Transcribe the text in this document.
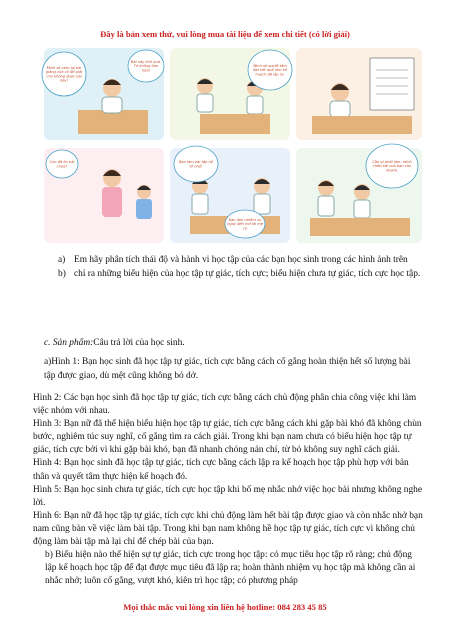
Đây là bản xem thử, vui lòng mua tài liệu để xem chi tiết (có lời giải)
Mình sẽ xem lại bài giảng của cô để giải cho không được bài này!
Bài này khó quá. Tớ không làm nữa!
Mình sẽ quyết tâm đạt kết quả như kế hoạch đã lập ra.
Con đã ôn bài chưa?
Bạn làm bài tập hộ tớ nhé!
Bạn làm nhiệm vụ ngay đến mở lời mẹ ra
Cần gì phải làm, mình chép bài của bạn cho nhanh.
a) Em hãy phân tích thái độ và hành vi học tập của các bạn học sinh trong các hình ảnh trên
b) chỉ ra những biểu hiện của học tập tự giác, tích cực; biểu hiện chưa tự giác, tích cực học tập.
c. Sản phẩm:Câu trả lời của học sinh.
a)Hình 1: Bạn học sinh đã học tập tự giác, tích cực bằng cách cố gắng hoàn thiện hết số lượng bài tập được giao, dù mệt cũng không bỏ dở.

Hình 2: Các bạn học sinh đã học tập tự giác, tích cực bằng cách chủ động phân chia công việc khi làm việc nhóm với nhau.

Hình 3: Bạn nữ đã thể hiện biểu hiện học tập tự giác, tích cực bằng cách khi gặp bài khó đã không chùn bước, nghiêm túc suy nghĩ, cố gắng tìm ra cách giải. Trong khi bạn nam chưa có biểu hiện học tập tự giác, tích cực bởi vì khi gặp bài khó, bạn đã nhanh chóng nản chí, từ bỏ không suy nghĩ cách giải.

Hình 4: Bạn học sinh đã học tập tự giác, tích cực bằng cách lập ra kế hoạch học tập phù hợp với bản thân và quyết tâm thực hiện kế hoạch đó.

Hình 5: Bạn học sinh chưa tự giác, tích cực học tập khi bố mẹ nhắc nhở việc học bài nhưng không nghe lời.

Hình 6: Bạn nữ đã học tập tự giác, tích cực khi chủ động làm hết bài tập được giao và còn nhắc nhở bạn nam cũng bàn về việc làm bài tập. Trong khi bạn nam không hề học tập tự giác, tích cực vì không chủ động làm bài tập mà lại chỉ để chép bài của bạn.

b) Biểu hiện nào thể hiện sự tự giác, tích cực trong học tập: có mục tiêu học tập rõ ràng; chủ động lập kế hoạch học tập để đạt được mục tiêu đã lập ra; hoàn thành nhiệm vụ học tập mà không cần ai nhắc nhở; luôn cố gắng, vượt khó, kiên trì học tập; có phương pháp

Mọi thắc mắc vui lòng xin liên hệ hotline: 084 283 45 85
